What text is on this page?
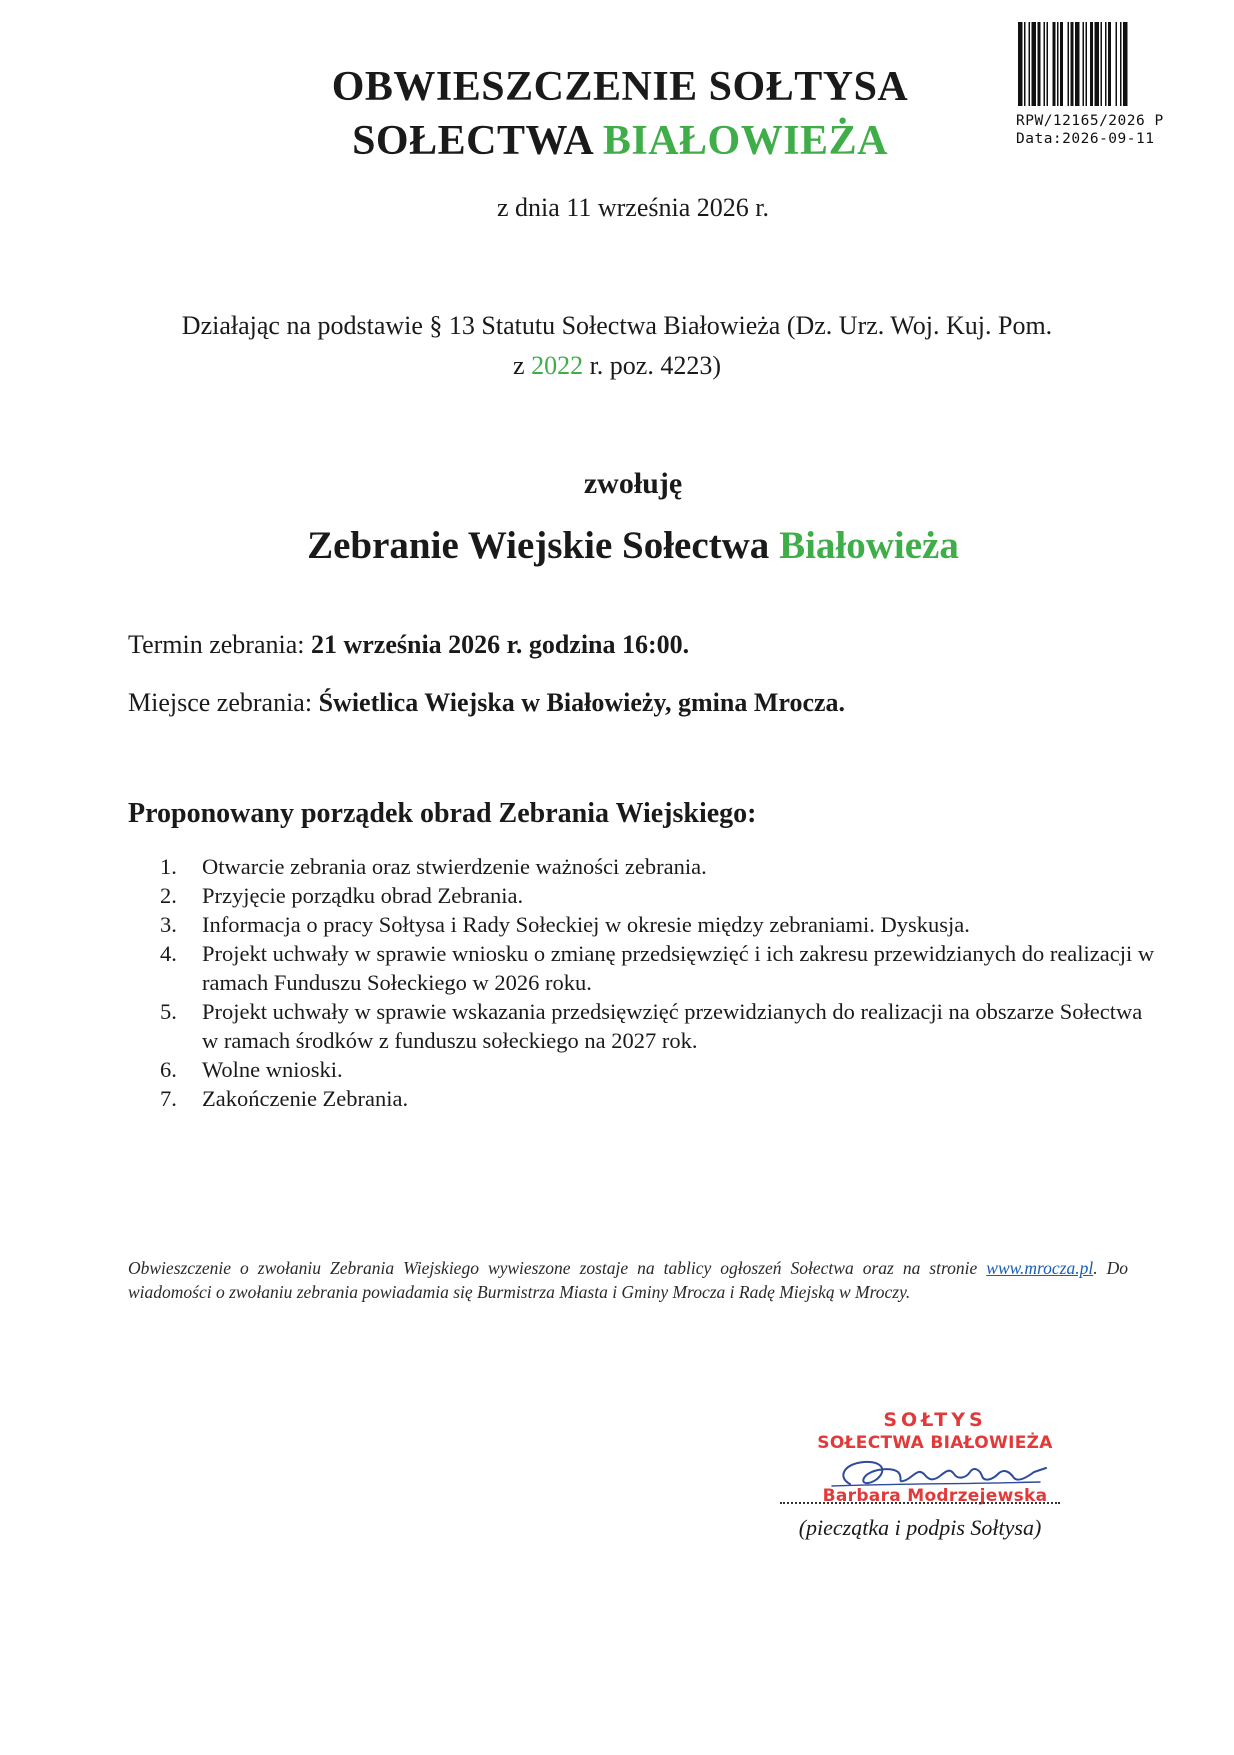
RPW/12165/2026 P
Data:2026-09-11
OBWIESZCZENIE SOŁTYSA
SOŁECTWA BIAŁOWIEŻA
z dnia 11 września 2026 r.
Działając na podstawie § 13 Statutu Sołectwa Białowieża (Dz. Urz. Woj. Kuj. Pom.
z 2022 r. poz. 4223)
zwołuję
Zebranie Wiejskie Sołectwa Białowieża
Termin zebrania: 21 września 2026 r. godzina 16:00.
Miejsce zebrania: Świetlica Wiejska w Białowieży, gmina Mrocza.
Proponowany porządek obrad Zebrania Wiejskiego:
1. Otwarcie zebrania oraz stwierdzenie ważności zebrania.
2. Przyjęcie porządku obrad Zebrania.
3. Informacja o pracy Sołtysa i Rady Sołeckiej w okresie między zebraniami. Dyskusja.
4. Projekt uchwały w sprawie wniosku o zmianę przedsięwzięć i ich zakresu przewidzianych do realizacji w ramach Funduszu Sołeckiego w 2026 roku.
5. Projekt uchwały w sprawie wskazania przedsięwzięć przewidzianych do realizacji na obszarze Sołectwa w ramach środków z funduszu sołeckiego na 2027 rok.
6. Wolne wnioski.
7. Zakończenie Zebrania.
Obwieszczenie o zwołaniu Zebrania Wiejskiego wywieszone zostaje na tablicy ogłoszeń Sołectwa oraz na stronie www.mrocza.pl. Do wiadomości o zwołaniu zebrania powiadamia się Burmistrza Miasta i Gminy Mrocza i Radę Miejską w Mroczy.
SOŁTYS
SOŁECTWA BIAŁOWIEŻA
Barbara Modrzejewska
(pieczątka i podpis Sołtysa)
